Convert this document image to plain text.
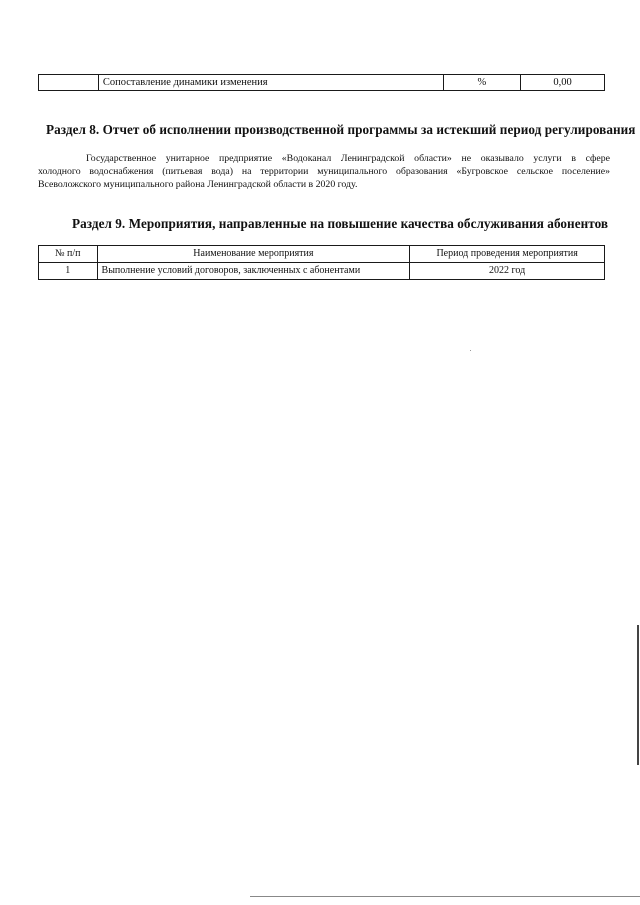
	Сопоставление динамики изменения	%	0,00
Раздел 8. Отчет об исполнении производственной программы за истекший период регулирования
Государственное унитарное предприятие «Водоканал Ленинградской области» не оказывало услуги в сфере
холодного водоснабжения (питьевая вода) на территории муниципального образования «Бугровское сельское поселение»
Всеволожского муниципального района Ленинградской области в 2020 году.
Раздел 9. Мероприятия, направленные на повышение качества обслуживания абонентов
№ п/п	Наименование мероприятия	Период проведения мероприятия
1	Выполнение условий договоров, заключенных с абонентами	2022 год
